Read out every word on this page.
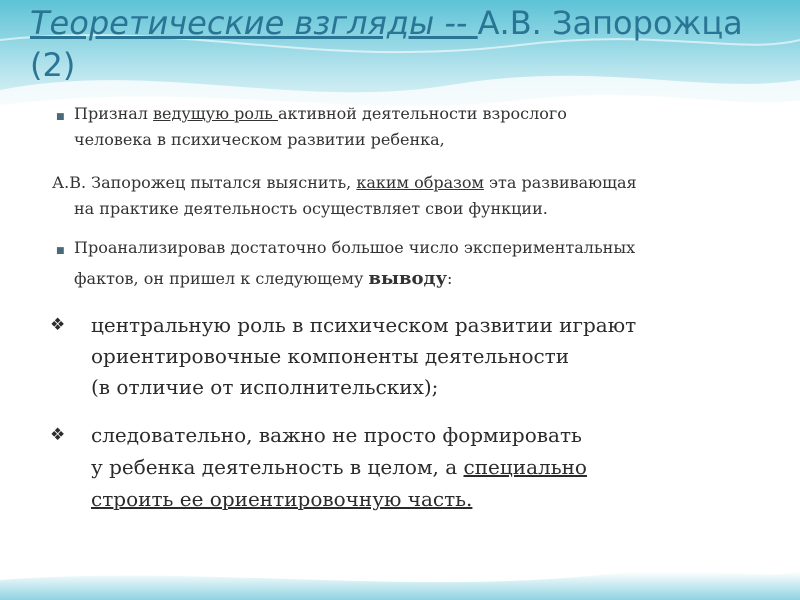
Теоретические взгляды -- А.В. Запорожца
(2)
■ Признал ведущую роль активной деятельности взрослого

человека в психическом развитии ребенка,

А.В. Запорожец пытался выяснить, каким образом эта развивающая

на практике деятельность осуществляет свои функции.

■ Проанализировав достаточно большое число экспериментальных

фактов, он пришел к следующему выводу:

❖ центральную роль в психическом развитии играют

ориентировочные компоненты деятельности

(в отличие от исполнительских);

❖ следовательно, важно не просто формировать

у ребенка деятельность в целом, а специально

строить ее ориентировочную часть.
